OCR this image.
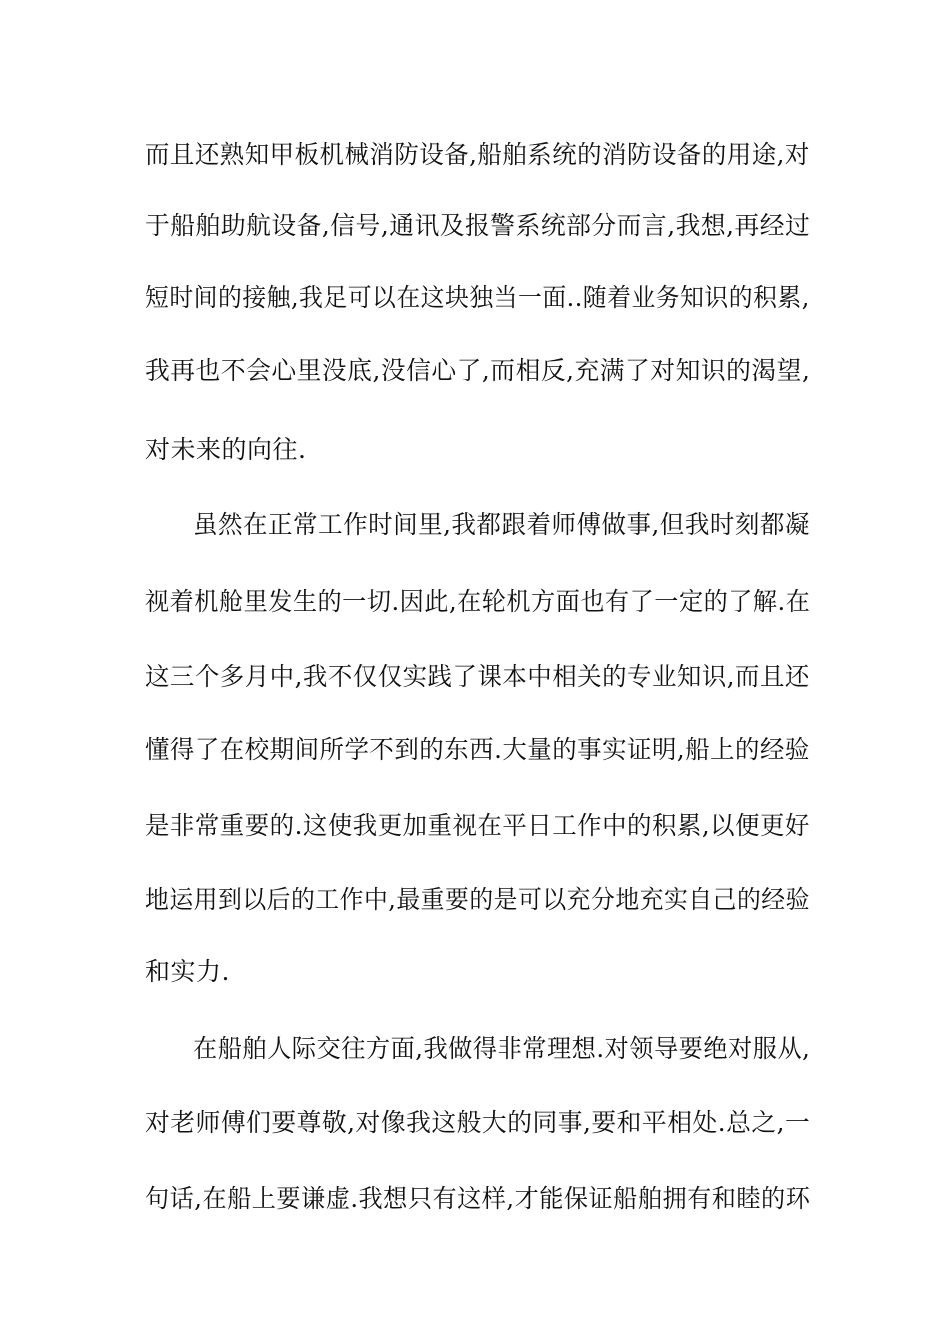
而且还熟知甲板机械消防设备,船舶系统的消防设备的用途,对
于船舶助航设备,信号,通讯及报警系统部分而言,我想,再经过
短时间的接触,我足可以在这块独当一面..随着业务知识的积累,
我再也不会心里没底,没信心了,而相反,充满了对知识的渴望,
对未来的向往.
虽然在正常工作时间里,我都跟着师傅做事,但我时刻都凝
视着机舱里发生的一切.因此,在轮机方面也有了一定的了解.在
这三个多月中,我不仅仅实践了课本中相关的专业知识,而且还
懂得了在校期间所学不到的东西.大量的事实证明,船上的经验
是非常重要的.这使我更加重视在平日工作中的积累,以便更好
地运用到以后的工作中,最重要的是可以充分地充实自己的经验
和实力.
在船舶人际交往方面,我做得非常理想.对领导要绝对服从,
对老师傅们要尊敬,对像我这般大的同事,要和平相处.总之,一
句话,在船上要谦虚.我想只有这样,才能保证船舶拥有和睦的环
